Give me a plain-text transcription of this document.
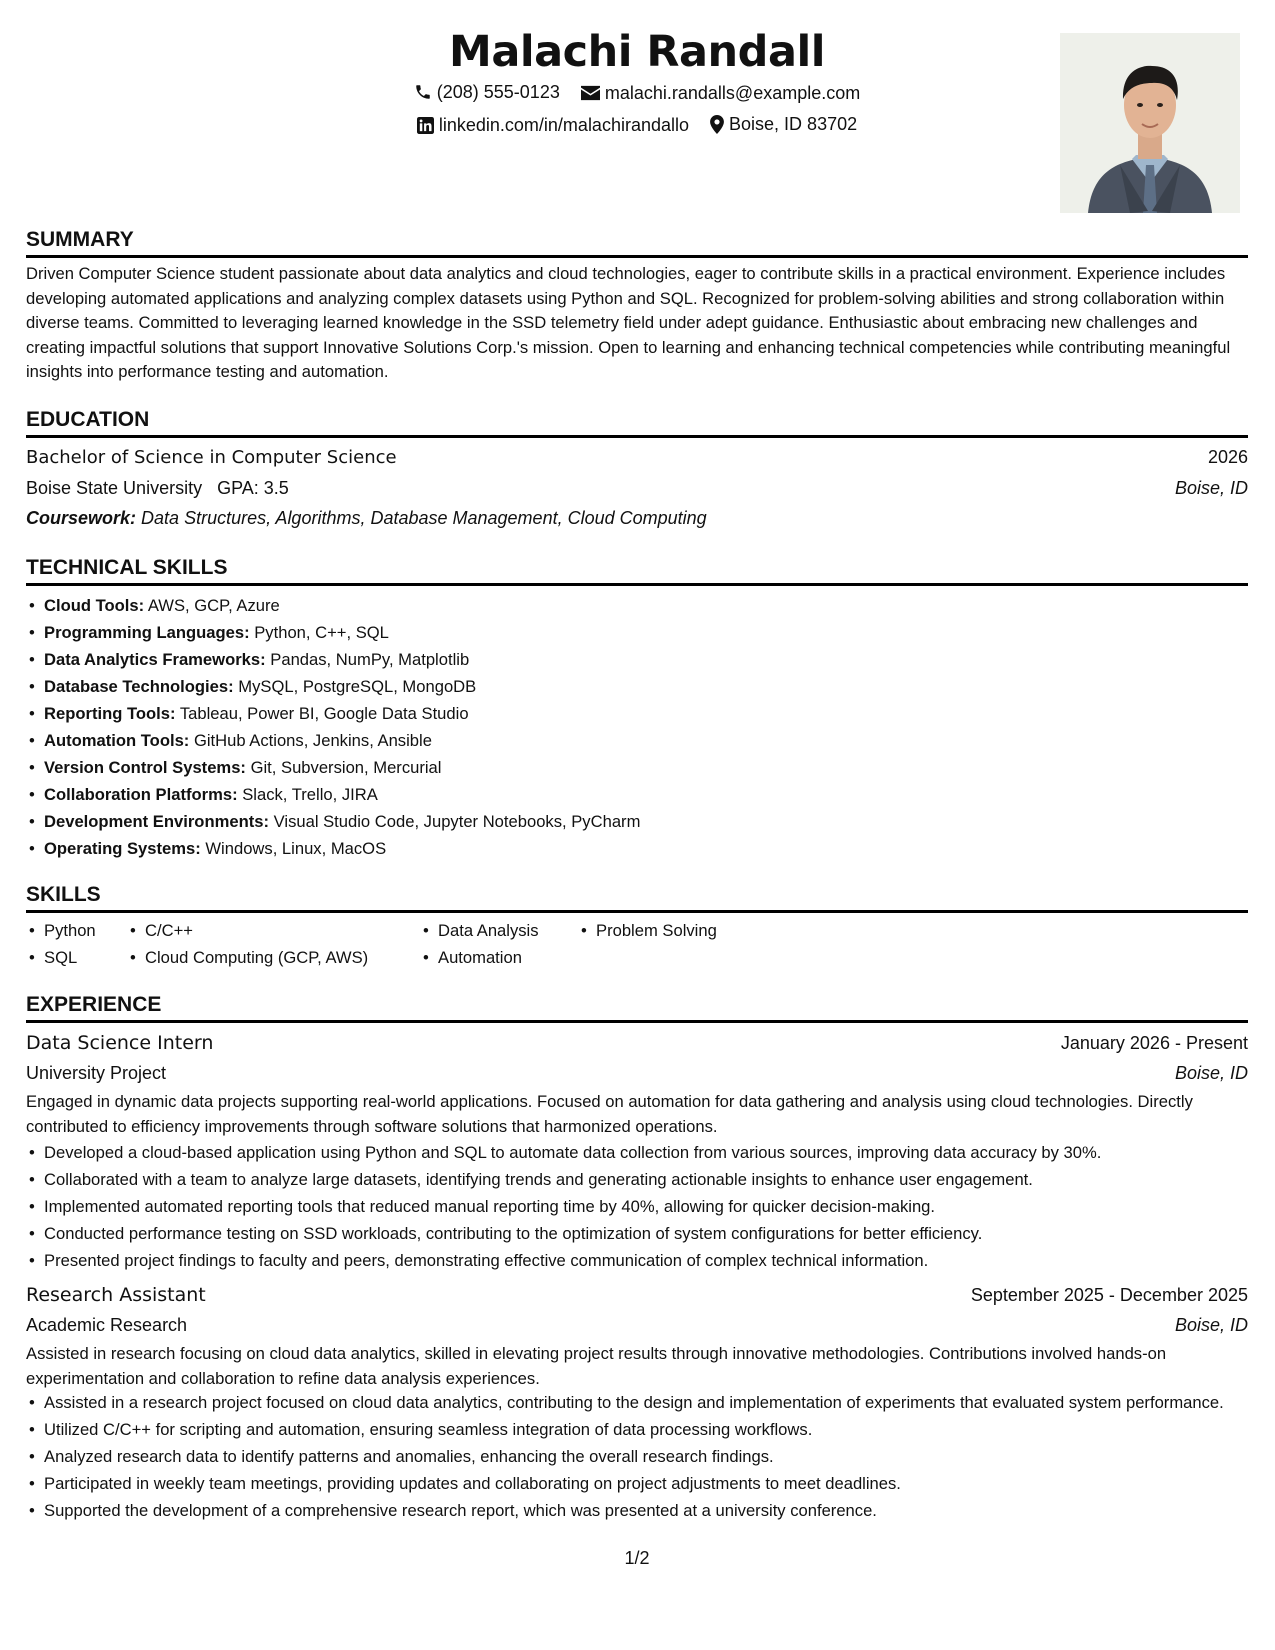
Malachi Randall
(208) 555-0123
	malachi.randalls@example.com
linkedin.com/in/malachirandallo
Boise, ID 83702
SUMMARY

Driven Computer Science student passionate about data analytics and cloud technologies, eager to contribute skills in a practical environment. Experience includes developing automated applications and analyzing complex datasets using Python and SQL. Recognized for problem-solving abilities and strong collaboration within diverse teams. Committed to leveraging learned knowledge in the SSD telemetry field under adept guidance. Enthusiastic about embracing new challenges and creating impactful solutions that support Innovative Solutions Corp.'s mission. Open to learning and enhancing technical competencies while contributing meaningful insights into performance testing and automation.

EDUCATION
Bachelor of Science in Computer Science	2026
Boise State University GPA: 3.5	Boise, ID
Coursework: Data Structures, Algorithms, Database Management, Cloud Computing
TECHNICAL SKILLS
• Cloud Tools: AWS, GCP, Azure
• Programming Languages: Python, C++, SQL
• Data Analytics Frameworks: Pandas, NumPy, Matplotlib
• Database Technologies: MySQL, PostgreSQL, MongoDB
• Reporting Tools: Tableau, Power BI, Google Data Studio
• Automation Tools: GitHub Actions, Jenkins, Ansible
• Version Control Systems: Git, Subversion, Mercurial
• Collaboration Platforms: Slack, Trello, JIRA
• Development Environments: Visual Studio Code, Jupyter Notebooks, PyCharm
• Operating Systems: Windows, Linux, MacOS
SKILLS
• Python
• SQL
• C/C++
• Cloud Computing (GCP, AWS)
• Data Analysis
• Automation
• Problem Solving
EXPERIENCE
Data Science Intern	January 2026 - Present
University Project	Boise, ID

Engaged in dynamic data projects supporting real-world applications. Focused on automation for data gathering and analysis using cloud technologies. Directly contributed to efficiency improvements through software solutions that harmonized operations.

• Developed a cloud-based application using Python and SQL to automate data collection from various sources, improving data accuracy by 30%.
• Collaborated with a team to analyze large datasets, identifying trends and generating actionable insights to enhance user engagement.
• Implemented automated reporting tools that reduced manual reporting time by 40%, allowing for quicker decision-making.
• Conducted performance testing on SSD workloads, contributing to the optimization of system configurations for better efficiency.
• Presented project findings to faculty and peers, demonstrating effective communication of complex technical information.
Research Assistant	September 2025 - December 2025
Academic Research	Boise, ID

Assisted in research focusing on cloud data analytics, skilled in elevating project results through innovative methodologies. Contributions involved hands-on experimentation and collaboration to refine data analysis experiences.

• Assisted in a research project focused on cloud data analytics, contributing to the design and implementation of experiments that evaluated system performance.
• Utilized C/C++ for scripting and automation, ensuring seamless integration of data processing workflows.
• Analyzed research data to identify patterns and anomalies, enhancing the overall research findings.
• Participated in weekly team meetings, providing updates and collaborating on project adjustments to meet deadlines.
• Supported the development of a comprehensive research report, which was presented at a university conference.
1/2
